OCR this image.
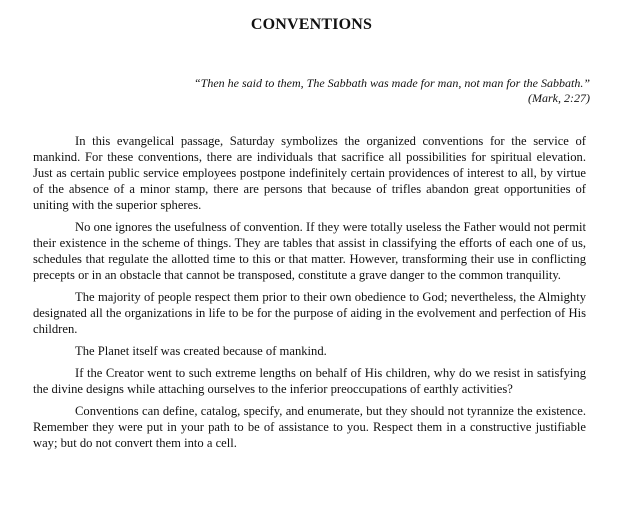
CONVENTIONS
“Then he said to them, The Sabbath was made for man, not man for the Sabbath.”
(Mark, 2:27)

In this evangelical passage, Saturday symbolizes the organized conventions for the service of mankind. For these conventions, there are individuals that sacrifice all possibilities for spiritual elevation. Just as certain public service employees postpone indefinitely certain providences of interest to all, by virtue of the absence of a minor stamp, there are persons that because of trifles abandon great opportunities of uniting with the superior spheres.

No one ignores the usefulness of convention. If they were totally useless the Father would not permit their existence in the scheme of things. They are tables that assist in classifying the efforts of each one of us, schedules that regulate the allotted time to this or that matter. However, transforming their use in conflicting precepts or in an obstacle that cannot be transposed, constitute a grave danger to the common tranquility.

The majority of people respect them prior to their own obedience to God; nevertheless, the Almighty designated all the organizations in life to be for the purpose of aiding in the evolvement and perfection of His children.

The Planet itself was created because of mankind.

If the Creator went to such extreme lengths on behalf of His children, why do we resist in satisfying the divine designs while attaching ourselves to the inferior preoccupations of earthly activities?

Conventions can define, catalog, specify, and enumerate, but they should not tyrannize the existence. Remember they were put in your path to be of assistance to you. Respect them in a constructive justifiable way; but do not convert them into a cell.
